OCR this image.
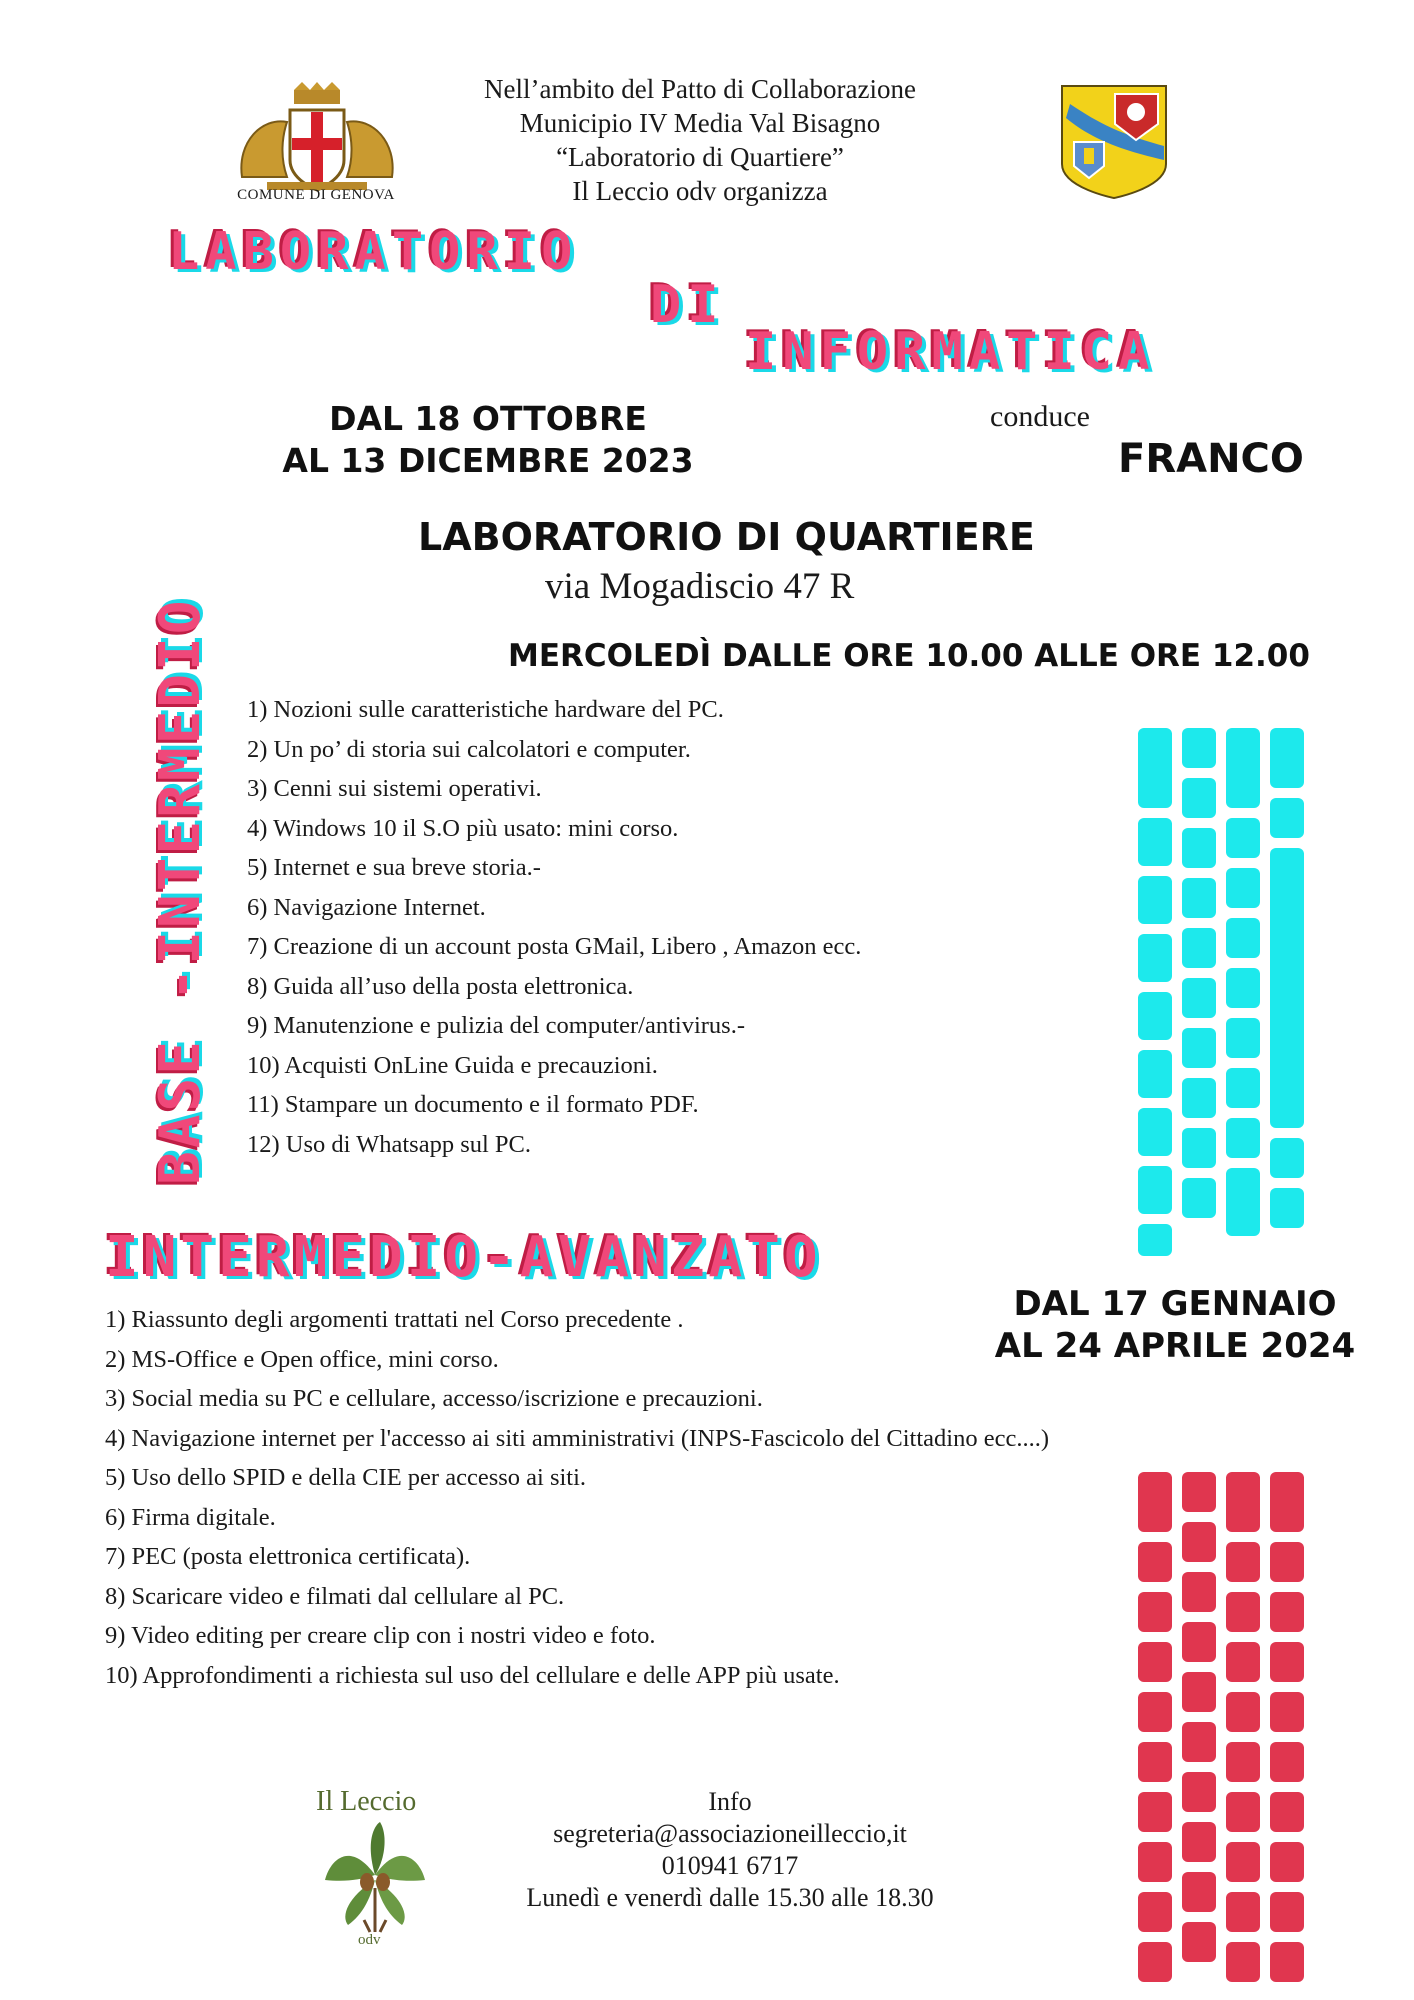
COMUNE DI GENOVA
Nell’ambito del Patto di Collaborazione
Municipio IV Media Val Bisagno
“Laboratorio di Quartiere”
Il Leccio odv organizza
LABORATORIO
DI
INFORMATICA
BASE -INTERMEDIO
DAL 18 OTTOBRE
AL 13 DICEMBRE 2023
conduce
FRANCO
LABORATORIO DI QUARTIERE
via Mogadiscio 47 R
MERCOLEDÌ DALLE ORE 10.00 ALLE ORE 12.00
1) Nozioni sulle caratteristiche hardware del PC.
2) Un po’ di storia sui calcolatori e computer.
3) Cenni sui sistemi operativi.
4) Windows 10 il S.O più usato: mini corso.
5) Internet e sua breve storia.-
6) Navigazione Internet.
7) Creazione di un account posta GMail, Libero , Amazon ecc.
8) Guida all’uso della posta elettronica.
9) Manutenzione e pulizia del computer/antivirus.-
10) Acquisti OnLine Guida e precauzioni.
11) Stampare un documento e il formato PDF.
12) Uso di Whatsapp sul PC.
INTERMEDIO-AVANZATO
DAL 17 GENNAIO
AL 24 APRILE 2024
1) Riassunto degli argomenti trattati nel Corso precedente .
2) MS-Office e Open office, mini corso.
3) Social media su PC e cellulare, accesso/iscrizione e precauzioni.
4) Navigazione internet per l'accesso ai siti amministrativi (INPS-Fascicolo del Cittadino ecc....)
5) Uso dello SPID e della CIE per accesso ai siti.
6) Firma digitale.
7) PEC (posta elettronica certificata).
8) Scaricare video e filmati dal cellulare al PC.
9) Video editing per creare clip con i nostri video e foto.
10) Approfondimenti a richiesta sul uso del cellulare e delle APP più usate.
Il Leccio
odv
Info
segreteria@associazioneilleccio,it
010941 6717
Lunedì e venerdì dalle 15.30 alle 18.30
